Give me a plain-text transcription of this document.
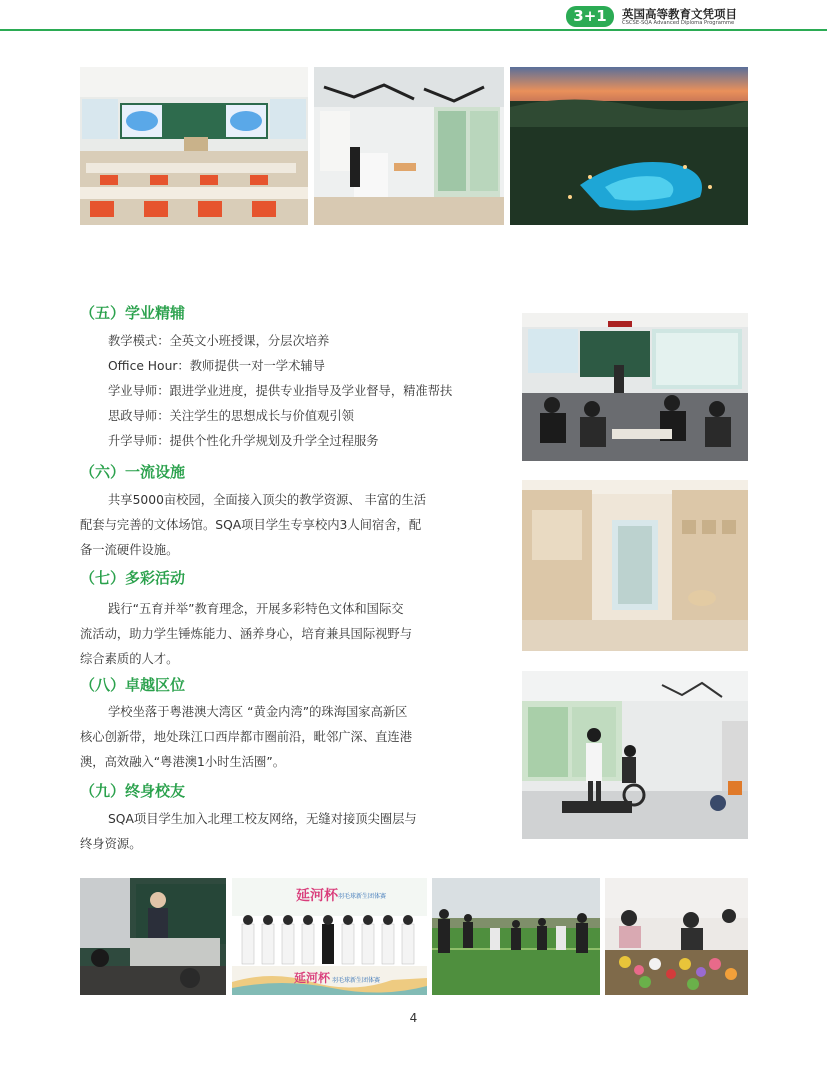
3+1	英国高等教育文凭项目
CSCSE-SQA Advanced Diploma Programme
（五）学业精辅
教学模式：全英文小班授课，分层次培养
Office Hour：教师提供一对一学术辅导
学业导师：跟进学业进度，提供专业指导及学业督导，精准帮扶
思政导师：关注学生的思想成长与价值观引领
升学导师：提供个性化升学规划及升学全过程服务
（六）一流设施
共享5000亩校园，全面接入顶尖的教学资源、 丰富的生活
配套与完善的文体场馆。SQA项目学生专享校内3人间宿舍，配
备一流硬件设施。
（七）多彩活动
践行“五育并举”教育理念，开展多彩特色文体和国际交
流活动，助力学生锤炼能力、涵养身心，培育兼具国际视野与
综合素质的人才。
（八）卓越区位
学校坐落于粤港澳大湾区 “黄金内湾”的珠海国家高新区
核心创新带，地处珠江口西岸都市圈前沿，毗邻广深、直连港
澳，高效融入“粤港澳1小时生活圈”。
（九）终身校友
SQA项目学生加入北理工校友网络，无缝对接顶尖圈层与
终身资源。
延河杯 羽毛球新生团体赛
延河杯 羽毛球新生团体赛
4
